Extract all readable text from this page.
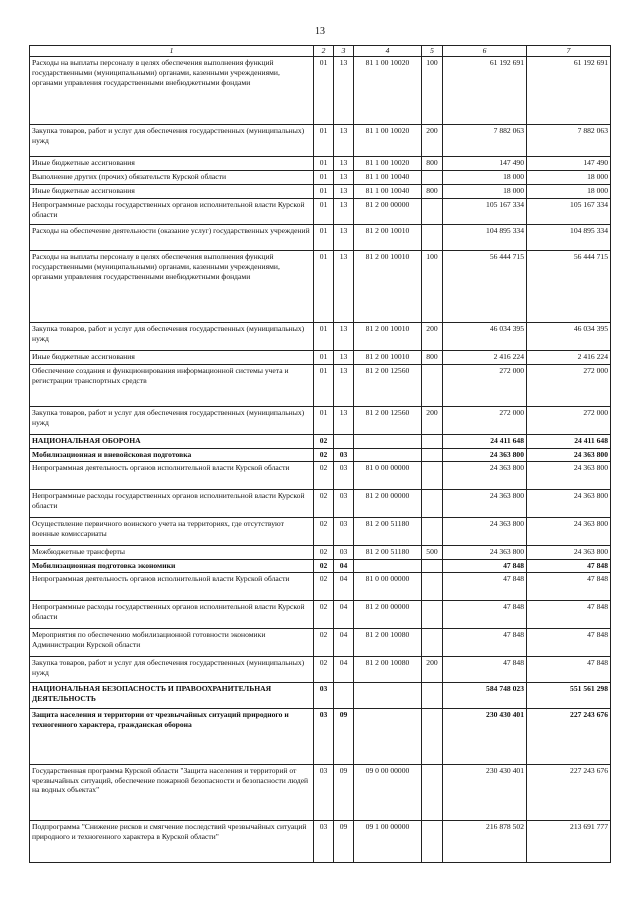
13
1	2	3	4	5	6	7
Расходы на выплаты персоналу в целях обеспечения выполнения функций государственными (муниципальными) органами, казенными учреждениями, органами управления государственными внебюджетными фондами	01	13	81 1 00 10020	100	61 192 691	61 192 691
Закупка товаров, работ и услуг для обеспечения государственных (муниципальных) нужд	01	13	81 1 00 10020	200	7 882 063	7 882 063
Иные бюджетные ассигнования	01	13	81 1 00 10020	800	147 490	147 490
Выполнение других (прочих) обязательств Курской области	01	13	81 1 00 10040		18 000	18 000
Иные бюджетные ассигнования	01	13	81 1 00 10040	800	18 000	18 000
Непрограммные расходы государственных органов исполнительной власти Курской области	01	13	81 2 00 00000		105 167 334	105 167 334
Расходы на обеспечение деятельности (оказание услуг) государственных учреждений	01	13	81 2 00 10010		104 895 334	104 895 334
Расходы на выплаты персоналу в целях обеспечения выполнения функций государственными (муниципальными) органами, казенными учреждениями, органами управления государственными внебюджетными фондами	01	13	81 2 00 10010	100	56 444 715	56 444 715
Закупка товаров, работ и услуг для обеспечения государственных (муниципальных) нужд	01	13	81 2 00 10010	200	46 034 395	46 034 395
Иные бюджетные ассигнования	01	13	81 2 00 10010	800	2 416 224	2 416 224
Обеспечение создания и функционирования информационной системы учета и регистрации транспортных средств	01	13	81 2 00 12560		272 000	272 000
Закупка товаров, работ и услуг для обеспечения государственных (муниципальных) нужд	01	13	81 2 00 12560	200	272 000	272 000
НАЦИОНАЛЬНАЯ ОБОРОНА	02				24 411 648	24 411 648
Мобилизационная и вневойсковая подготовка	02	03			24 363 800	24 363 800
Непрограммная деятельность органов исполнительной власти Курской области	02	03	81 0 00 00000		24 363 800	24 363 800
Непрограммные расходы государственных органов исполнительной власти Курской области	02	03	81 2 00 00000		24 363 800	24 363 800
Осуществление первичного воинского учета на территориях, где отсутствуют военные комиссариаты	02	03	81 2 00 51180		24 363 800	24 363 800
Межбюджетные трансферты	02	03	81 2 00 51180	500	24 363 800	24 363 800
Мобилизационная подготовка экономики	02	04			47 848	47 848
Непрограммная деятельность органов исполнительной власти Курской области	02	04	81 0 00 00000		47 848	47 848
Непрограммные расходы государственных органов исполнительной власти Курской области	02	04	81 2 00 00000		47 848	47 848
Мероприятия по обеспечению мобилизационной готовности экономики Администрации Курской области	02	04	81 2 00 10080		47 848	47 848
Закупка товаров, работ и услуг для обеспечения государственных (муниципальных) нужд	02	04	81 2 00 10080	200	47 848	47 848
НАЦИОНАЛЬНАЯ БЕЗОПАСНОСТЬ И ПРАВООХРАНИТЕЛЬНАЯ ДЕЯТЕЛЬНОСТЬ	03				584 748 023	551 561 298
Защита населения и территории от чрезвычайных ситуаций природного и техногенного характера, гражданская оборона	03	09			230 430 401	227 243 676
Государственная программа Курской области "Защита населения и территорий от чрезвычайных ситуаций, обеспечение пожарной безопасности и безопасности людей на водных объектах"	03	09	09 0 00 00000		230 430 401	227 243 676
Подпрограмма "Снижение рисков и смягчение последствий чрезвычайных ситуаций природного и техногенного характера в Курской области"	03	09	09 1 00 00000		216 878 502	213 691 777
